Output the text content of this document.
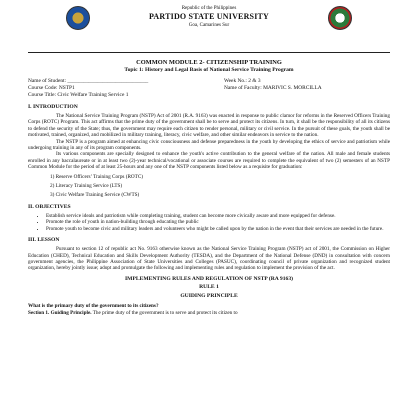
Republic of the Philippines
PARTIDO STATE UNIVERSITY
Goa, Camarines Sur
COMMON MODULE 2- CITIZENSHIP TRAINING
Topic 1: History and Legal Basis of National Service Training Program
Name of Student: ______________________________
Course Code: NSTP1
Course Title: Civic Welfare Training Service 1
Week No.: 2 & 3
Name of Faculty: MARIVIC S. MORCILLA
I. INTRODUCTION

The National Service Training Program (NSTP) Act of 2001 (R.A. 9163) was enacted in response to public clamor for reforms in the Reserved Officers Training Corps (ROTC) Program. This act affirms that the prime duty of the government shall be to serve and protect its citizens. In turn, it shall be the responsibility of all its citizens to defend the security of the State; thus, the government may require each citizen to render personal, military or civil service. In the pursuit of these goals, the youth shall be motivated, trained, organized, and mobilized in military training, literacy, civic welfare, and other similar endeavors in service to the nation.

The NSTP is a program aimed at enhancing civic consciousness and defense preparedness in the youth by developing the ethics of service and patriotism while undergoing training in any of its program components.

Its various components are specially designed to enhance the youth's active contribution to the general welfare of the nation. All male and female students enrolled in any baccalaureate or in at least two (2)-year technical/vocational or associate courses are required to complete the equivalent of two (2) semesters of an NSTP Common Module for the period of at least 25-hours and any one of the NSTP components listed below as a requisite for graduation:

1) Reserve Officers’ Training Corps (ROTC)
2) Literacy Training Service (LTS)
3) Civic Welfare Training Service (CWTS)
II. OBJECTIVES
• Establish service ideals and patriotism while completing training, student can become more civically aware and more equipped for defense.
• Promote the role of youth in nation-building through educating the public
• Promote youth to become civic and military leaders and volunteers who might be called upon by the nation in the event that their services are needed in the future.
III. LESSON

Pursuant to section 12 of republic act No. 9163 otherwise known as the National Service Training Program (NSTP) act of 2001, the Commission on Higher Education (CHED), Technical Education and Skills Development Authority (TESDA), and the Department of the National Defense (DND) in consultation with concern government agencies, the Philippine Association of State Universities and Colleges (PASUC), coordinating council of private organization and recognized student organization, hereby jointly issue; adopt and promulgate the following and implementing rules and regulation to implement the provision of the act.

IMPLEMENTING RULES AND REGULATION OF NSTP (RA 9163)
RULE 1
GUIDING PRINCIPLE
What is the primary duty of the government to its citizens?
Section 1. Guiding Principle. The prime duty of the government is to serve and protect its citizen to
